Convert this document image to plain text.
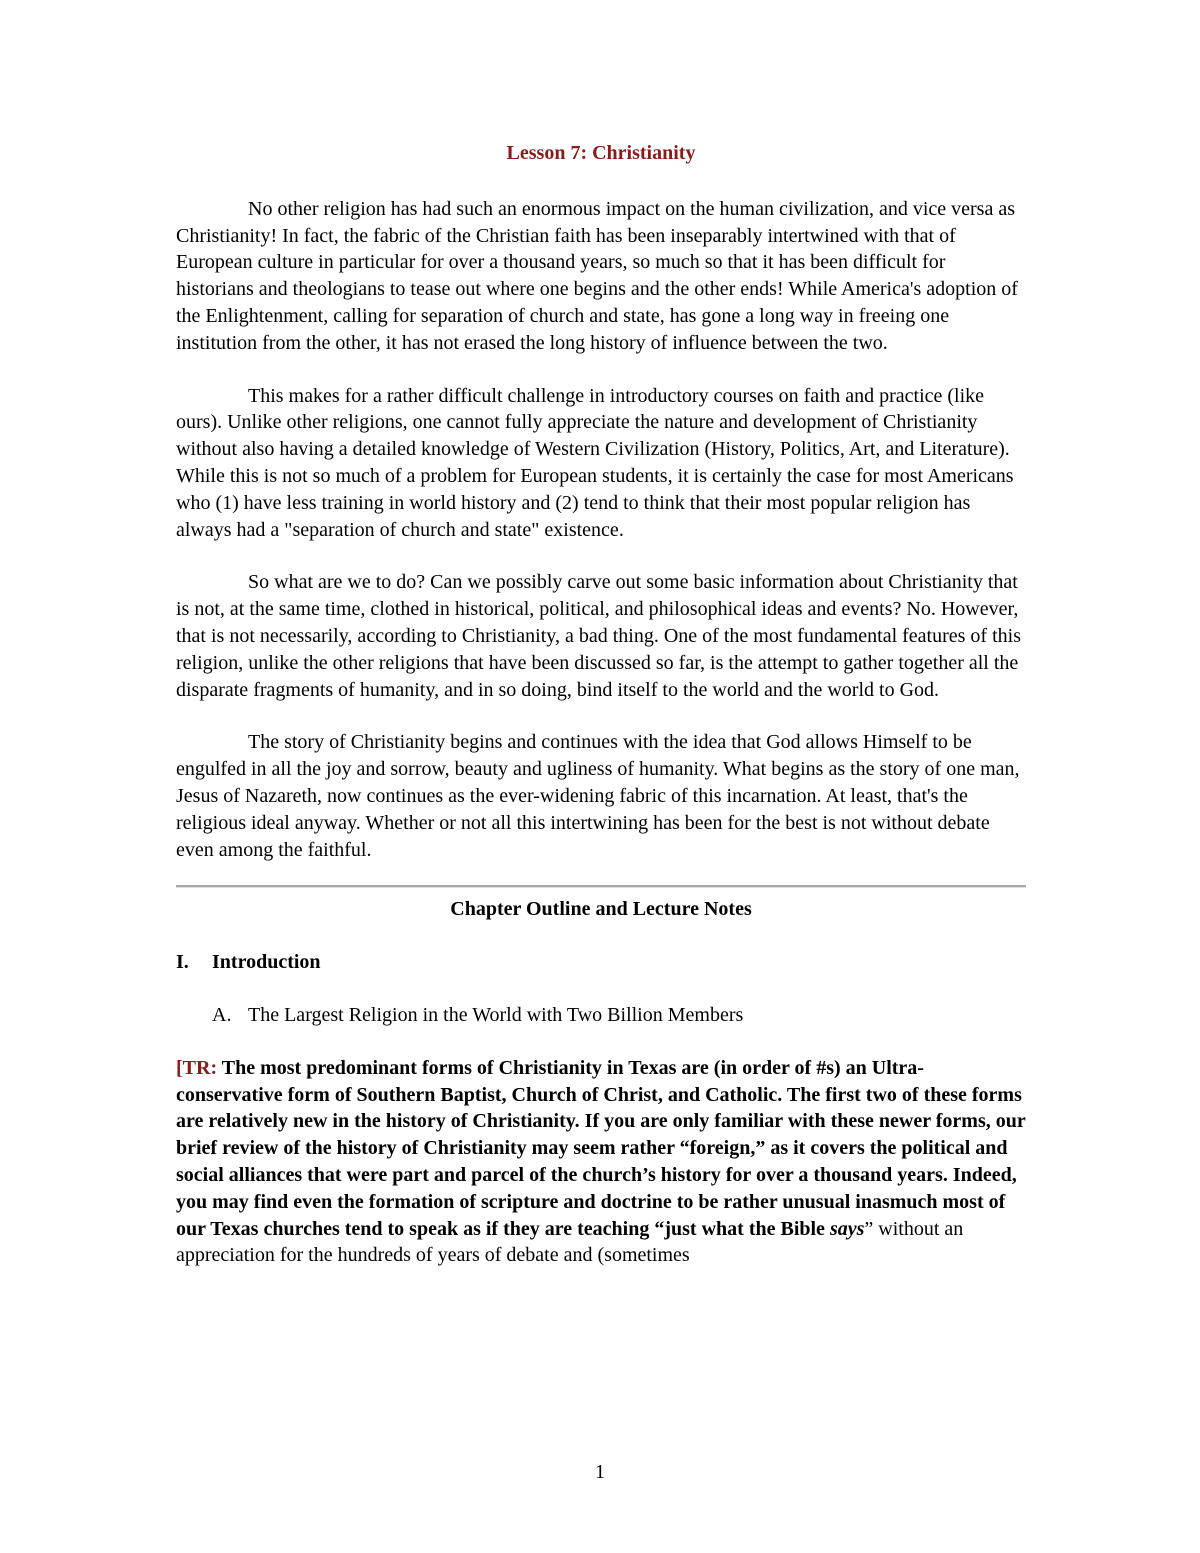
Lesson 7: Christianity

No other religion has had such an enormous impact on the human civilization, and vice versa as Christianity! In fact, the fabric of the Christian faith has been inseparably intertwined with that of European culture in particular for over a thousand years, so much so that it has been difficult for historians and theologians to tease out where one begins and the other ends! While America's adoption of the Enlightenment, calling for separation of church and state, has gone a long way in freeing one institution from the other, it has not erased the long history of influence between the two.

This makes for a rather difficult challenge in introductory courses on faith and practice (like ours). Unlike other religions, one cannot fully appreciate the nature and development of Christianity without also having a detailed knowledge of Western Civilization (History, Politics, Art, and Literature). While this is not so much of a problem for European students, it is certainly the case for most Americans who (1) have less training in world history and (2) tend to think that their most popular religion has always had a "separation of church and state" existence.

So what are we to do? Can we possibly carve out some basic information about Christianity that is not, at the same time, clothed in historical, political, and philosophical ideas and events? No. However, that is not necessarily, according to Christianity, a bad thing. One of the most fundamental features of this religion, unlike the other religions that have been discussed so far, is the attempt to gather together all the disparate fragments of humanity, and in so doing, bind itself to the world and the world to God.

The story of Christianity begins and continues with the idea that God allows Himself to be engulfed in all the joy and sorrow, beauty and ugliness of humanity. What begins as the story of one man, Jesus of Nazareth, now continues as the ever-widening fabric of this incarnation. At least, that's the religious ideal anyway. Whether or not all this intertwining has been for the best is not without debate even among the faithful.

Chapter Outline and Lecture Notes
I. Introduction
A. The Largest Religion in the World with Two Billion Members

[TR: The most predominant forms of Christianity in Texas are (in order of #s) an Ultra-conservative form of Southern Baptist, Church of Christ, and Catholic. The first two of these forms are relatively new in the history of Christianity. If you are only familiar with these newer forms, our brief review of the history of Christianity may seem rather “foreign,” as it covers the political and social alliances that were part and parcel of the church’s history for over a thousand years. Indeed, you may find even the formation of scripture and doctrine to be rather unusual inasmuch most of our Texas churches tend to speak as if they are teaching “just what the Bible says” without an appreciation for the hundreds of years of debate and (sometimes

1
